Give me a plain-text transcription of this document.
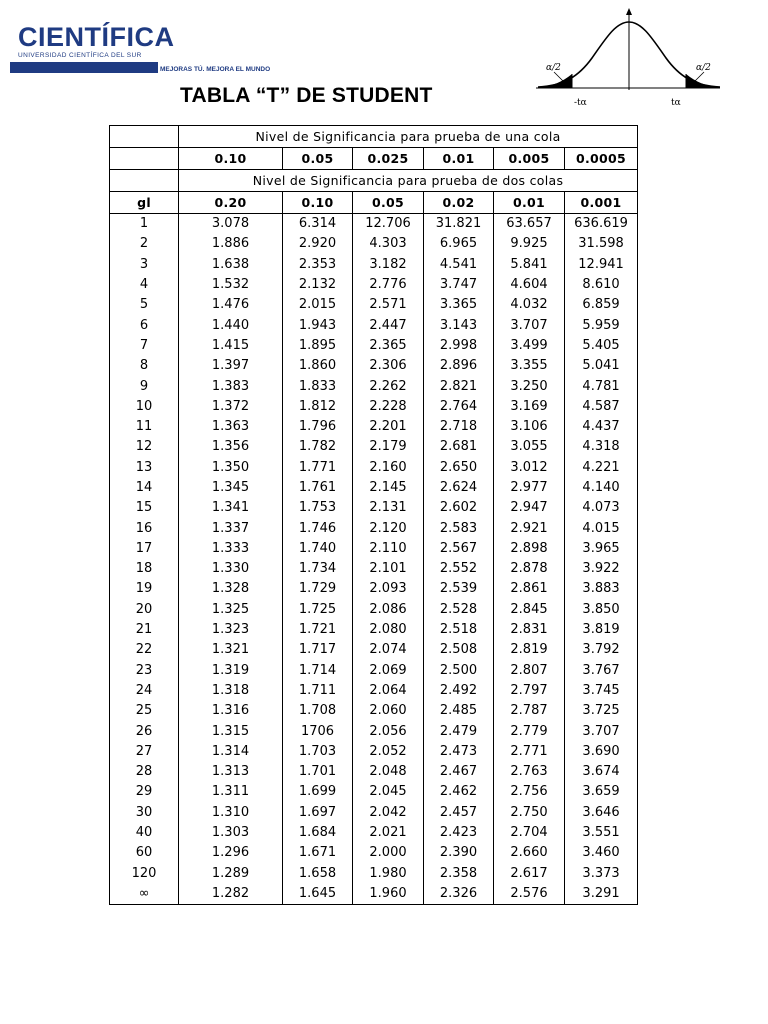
CIENTÍFICA
UNIVERSIDAD CIENTÍFICA DEL SUR
MEJORAS TÚ. MEJORA EL MUNDO
TABLA “T” DE STUDENT
α/2	α/2
-tα	tα
	Nivel de Significancia para prueba de una cola					
	0.10	0.05	0.025	0.01	0.005	0.0005
	Nivel de Significancia para prueba de dos colas					
gl	0.20	0.10	0.05	0.02	0.01	0.001
1	3.078	6.314	12.706	31.821	63.657	636.619
2	1.886	2.920	4.303	6.965	9.925	31.598
3	1.638	2.353	3.182	4.541	5.841	12.941
4	1.532	2.132	2.776	3.747	4.604	8.610
5	1.476	2.015	2.571	3.365	4.032	6.859
6	1.440	1.943	2.447	3.143	3.707	5.959
7	1.415	1.895	2.365	2.998	3.499	5.405
8	1.397	1.860	2.306	2.896	3.355	5.041
9	1.383	1.833	2.262	2.821	3.250	4.781
10	1.372	1.812	2.228	2.764	3.169	4.587
11	1.363	1.796	2.201	2.718	3.106	4.437
12	1.356	1.782	2.179	2.681	3.055	4.318
13	1.350	1.771	2.160	2.650	3.012	4.221
14	1.345	1.761	2.145	2.624	2.977	4.140
15	1.341	1.753	2.131	2.602	2.947	4.073
16	1.337	1.746	2.120	2.583	2.921	4.015
17	1.333	1.740	2.110	2.567	2.898	3.965
18	1.330	1.734	2.101	2.552	2.878	3.922
19	1.328	1.729	2.093	2.539	2.861	3.883
20	1.325	1.725	2.086	2.528	2.845	3.850
21	1.323	1.721	2.080	2.518	2.831	3.819
22	1.321	1.717	2.074	2.508	2.819	3.792
23	1.319	1.714	2.069	2.500	2.807	3.767
24	1.318	1.711	2.064	2.492	2.797	3.745
25	1.316	1.708	2.060	2.485	2.787	3.725
26	1.315	1706	2.056	2.479	2.779	3.707
27	1.314	1.703	2.052	2.473	2.771	3.690
28	1.313	1.701	2.048	2.467	2.763	3.674
29	1.311	1.699	2.045	2.462	2.756	3.659
30	1.310	1.697	2.042	2.457	2.750	3.646
40	1.303	1.684	2.021	2.423	2.704	3.551
60	1.296	1.671	2.000	2.390	2.660	3.460
120	1.289	1.658	1.980	2.358	2.617	3.373
∞	1.282	1.645	1.960	2.326	2.576	3.291
